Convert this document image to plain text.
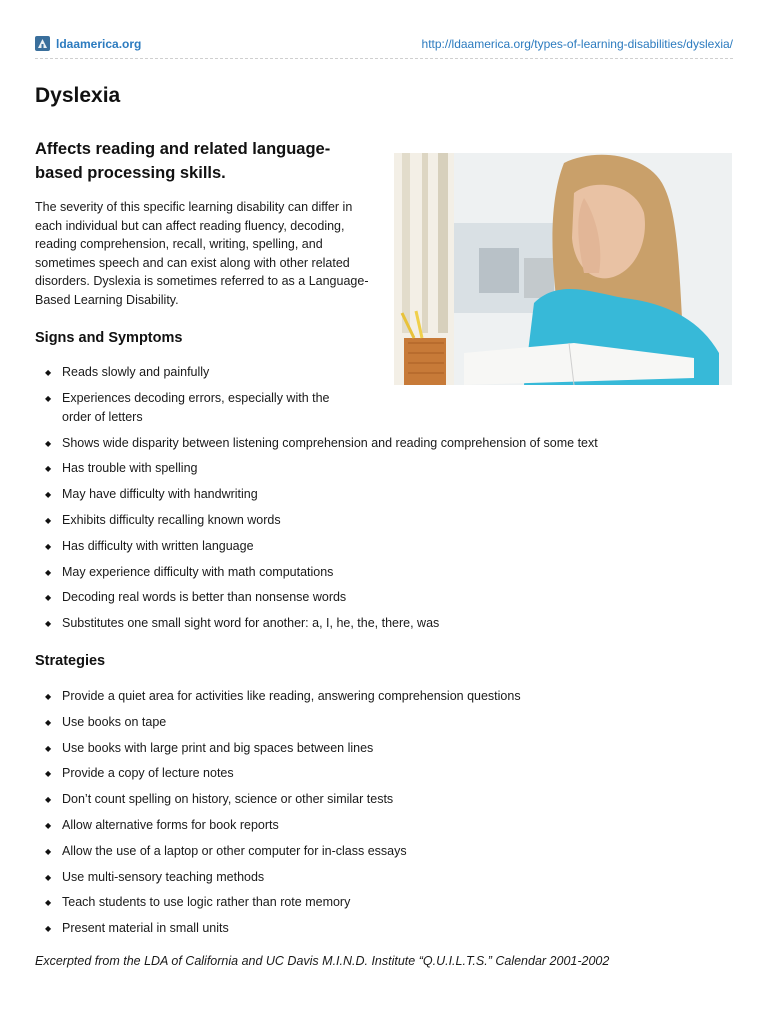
ldaamerica.org	http://ldaamerica.org/types-of-learning-disabilities/dyslexia/
Dyslexia

Affects reading and related language-based processing skills.

The severity of this specific learning disability can differ in each individual but can affect reading fluency, decoding, reading comprehension, recall, writing, spelling, and sometimes speech and can exist along with other related disorders. Dyslexia is sometimes referred to as a Language-Based Learning Disability.

Signs and Symptoms
◆ Reads slowly and painfully
◆ Experiences decoding errors, especially with the order of letters
◆ Shows wide disparity between listening comprehension and reading comprehension of some text
◆ Has trouble with spelling
◆ May have difficulty with handwriting
◆ Exhibits difficulty recalling known words
◆ Has difficulty with written language
◆ May experience difficulty with math computations
◆ Decoding real words is better than nonsense words
◆ Substitutes one small sight word for another: a, I, he, the, there, was
Strategies
◆ Provide a quiet area for activities like reading, answering comprehension questions
◆ Use books on tape
◆ Use books with large print and big spaces between lines
◆ Provide a copy of lecture notes
◆ Don’t count spelling on history, science or other similar tests
◆ Allow alternative forms for book reports
◆ Allow the use of a laptop or other computer for in-class essays
◆ Use multi-sensory teaching methods
◆ Teach students to use logic rather than rote memory
◆ Present material in small units

Excerpted from the LDA of California and UC Davis M.I.N.D. Institute “Q.U.I.L.T.S.” Calendar 2001-2002
